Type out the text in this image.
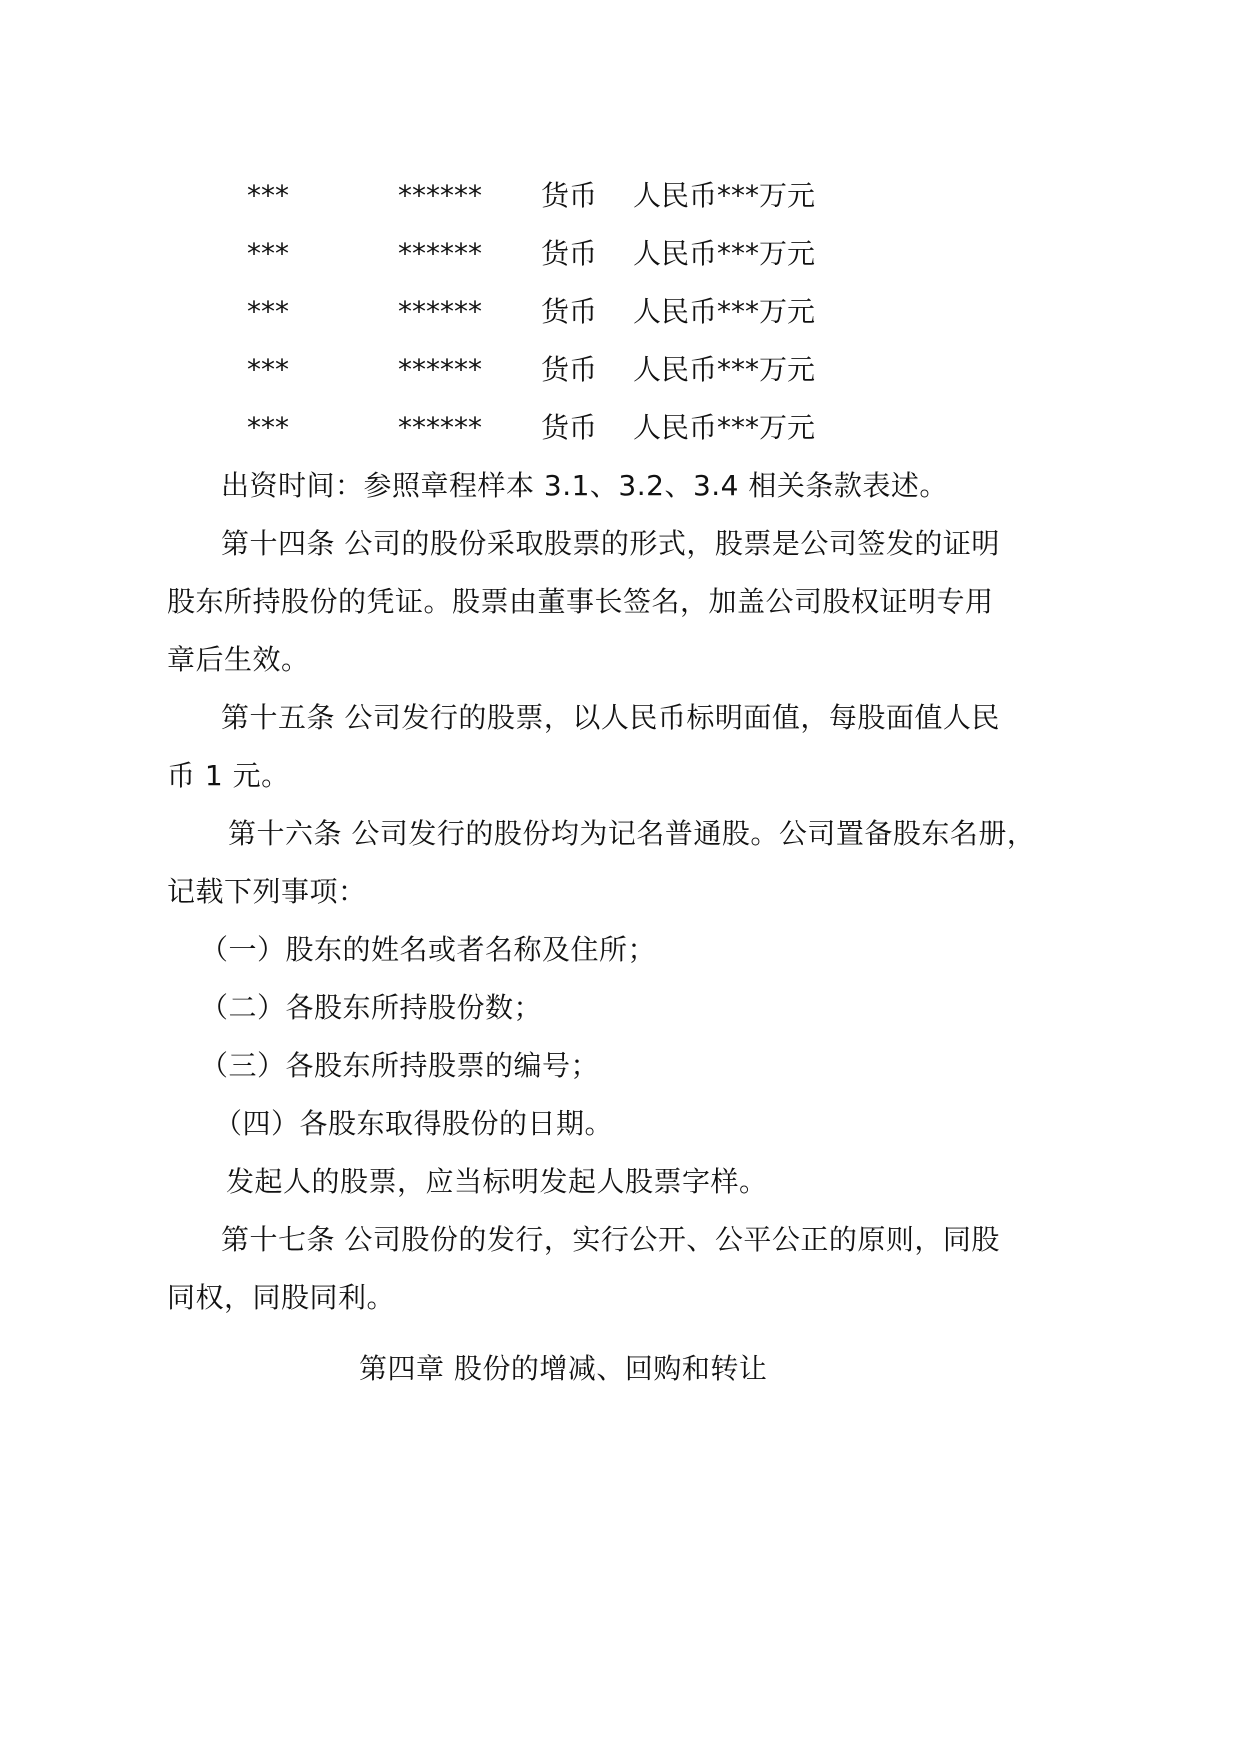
***	****** 货币 人民币***万元
***	****** 货币 人民币***万元
***	****** 货币 人民币***万元
***	****** 货币 人民币***万元
***	****** 货币 人民币***万元
出资时间：参照章程样本 3.1、3.2、3.4 相关条款表述。
第十四条 公司的股份采取股票的形式，股票是公司签发的证明
股东所持股份的凭证。股票由董事长签名，加盖公司股权证明专用
章后生效。
第十五条 公司发行的股票，以人民币标明面值，每股面值人民
币 1 元。
第十六条 公司发行的股份均为记名普通股。公司置备股东名册，
记载下列事项：
（一）股东的姓名或者名称及住所；
（二）各股东所持股份数；
（三）各股东所持股票的编号；
（四）各股东取得股份的日期。
发起人的股票，应当标明发起人股票字样。
第十七条 公司股份的发行，实行公开、公平公正的原则，同股
同权，同股同利。
第四章 股份的增减、回购和转让
